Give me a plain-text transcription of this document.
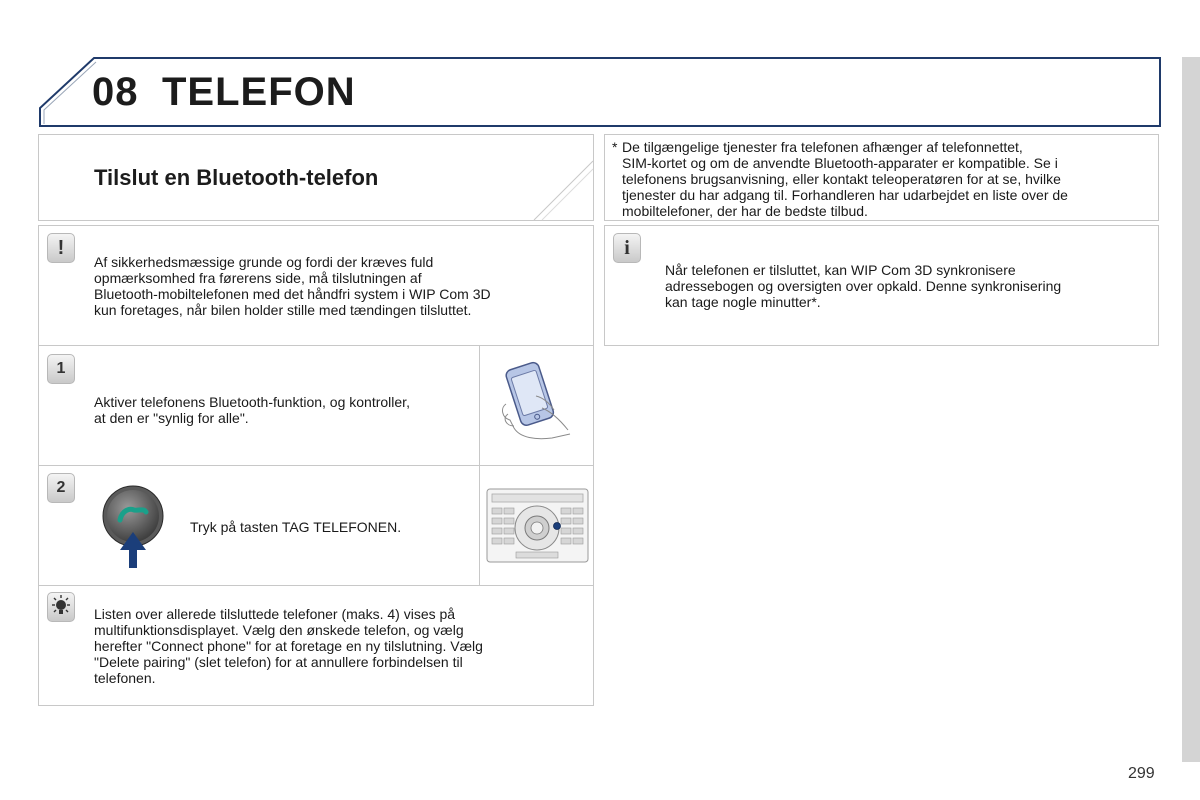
08 TELEFON
Tilslut en Bluetooth-telefon
* De tilgængelige tjenester fra telefonen afhænger af telefonnettet,
SIM-kortet og om de anvendte Bluetooth-apparater er kompatible. Se i
telefonens brugsanvisning, eller kontakt teleoperatøren for at se, hvilke
tjenester du har adgang til. Forhandleren har udarbejdet en liste over de
mobiltelefoner, der har de bedste tilbud.
!
Af sikkerhedsmæssige grunde og fordi der kræves fuld
opmærksomhed fra førerens side, må tilslutningen af
Bluetooth-mobiltelefonen med det håndfri system i WIP Com 3D
kun foretages, når bilen holder stille med tændingen tilsluttet.
i
Når telefonen er tilsluttet, kan WIP Com 3D synkronisere
adressebogen og oversigten over opkald. Denne synkronisering
kan tage nogle minutter*.
1
Aktiver telefonens Bluetooth-funktion, og kontroller,
at den er "synlig for alle".
2
Tryk på tasten TAG TELEFONEN.
Listen over allerede tilsluttede telefoner (maks. 4) vises på
multifunktionsdisplayet. Vælg den ønskede telefon, og vælg
herefter "Connect phone" for at foretage en ny tilslutning. Vælg
"Delete pairing" (slet telefon) for at annullere forbindelsen til
telefonen.
299
